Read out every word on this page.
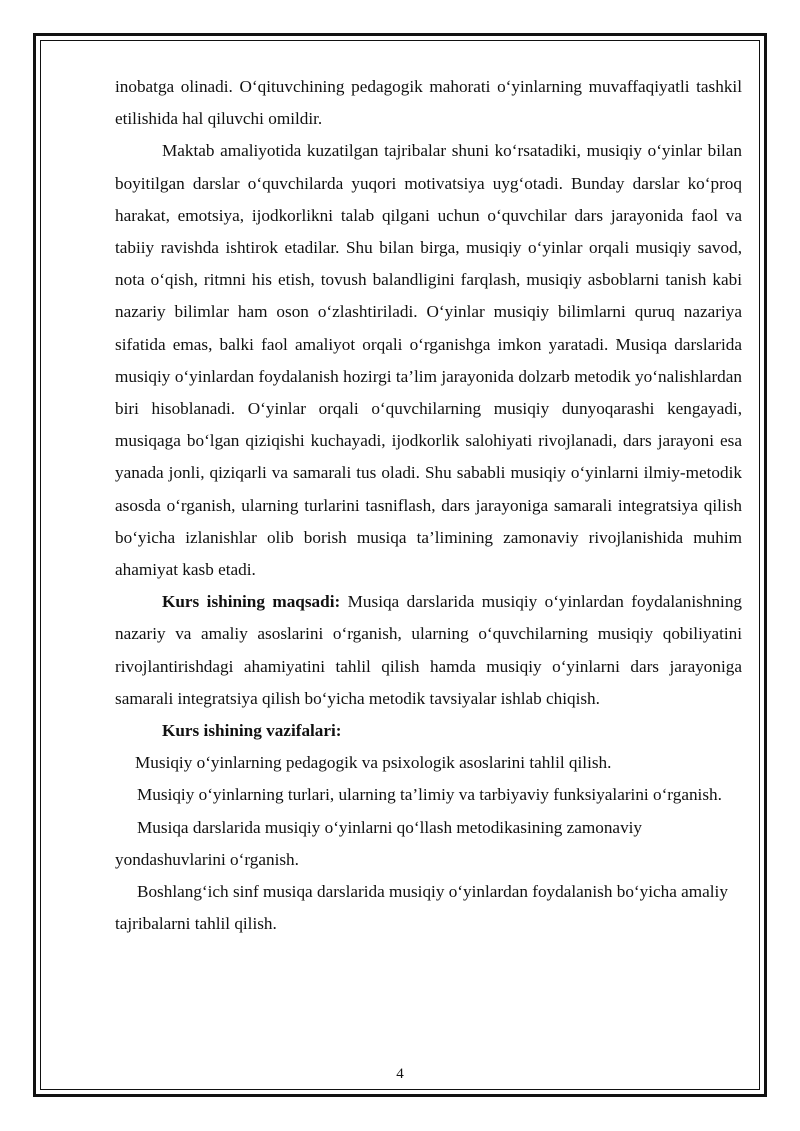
inobatga olinadi. O‘qituvchining pedagogik mahorati o‘yinlarning muvaffaqiyatli tashkil etilishida hal qiluvchi omildir.

Maktab amaliyotida kuzatilgan tajribalar shuni ko‘rsatadiki, musiqiy o‘yinlar bilan boyitilgan darslar o‘quvchilarda yuqori motivatsiya uyg‘otadi. Bunday darslar ko‘proq harakat, emotsiya, ijodkorlikni talab qilgani uchun o‘quvchilar dars jarayonida faol va tabiiy ravishda ishtirok etadilar. Shu bilan birga, musiqiy o‘yinlar orqali musiqiy savod, nota o‘qish, ritmni his etish, tovush balandligini farqlash, musiqiy asboblarni tanish kabi nazariy bilimlar ham oson o‘zlashtiriladi. O‘yinlar musiqiy bilimlarni quruq nazariya sifatida emas, balki faol amaliyot orqali o‘rganishga imkon yaratadi. Musiqa darslarida musiqiy o‘yinlardan foydalanish hozirgi ta’lim jarayonida dolzarb metodik yo‘nalishlardan biri hisoblanadi. O‘yinlar orqali o‘quvchilarning musiqiy dunyoqarashi kengayadi, musiqaga bo‘lgan qiziqishi kuchayadi, ijodkorlik salohiyati rivojlanadi, dars jarayoni esa yanada jonli, qiziqarli va samarali tus oladi. Shu sababli musiqiy o‘yinlarni ilmiy-metodik asosda o‘rganish, ularning turlarini tasniflash, dars jarayoniga samarali integratsiya qilish bo‘yicha izlanishlar olib borish musiqa ta’limining zamonaviy rivojlanishida muhim ahamiyat kasb etadi.

Kurs ishining maqsadi: Musiqa darslarida musiqiy o‘yinlardan foydalanishning nazariy va amaliy asoslarini o‘rganish, ularning o‘quvchilarning musiqiy qobiliyatini rivojlantirishdagi ahamiyatini tahlil qilish hamda musiqiy o‘yinlarni dars jarayoniga samarali integratsiya qilish bo‘yicha metodik tavsiyalar ishlab chiqish.

Kurs ishining vazifalari:

Musiqiy o‘yinlarning pedagogik va psixologik asoslarini tahlil qilish.

Musiqiy o‘yinlarning turlari, ularning ta’limiy va tarbiyaviy funksiyalarini o‘rganish.

Musiqa darslarida musiqiy o‘yinlarni qo‘llash metodikasining zamonaviy yondashuvlarini o‘rganish.

Boshlang‘ich sinf musiqa darslarida musiqiy o‘yinlardan foydalanish bo‘yicha amaliy tajribalarni tahlil qilish.

4
